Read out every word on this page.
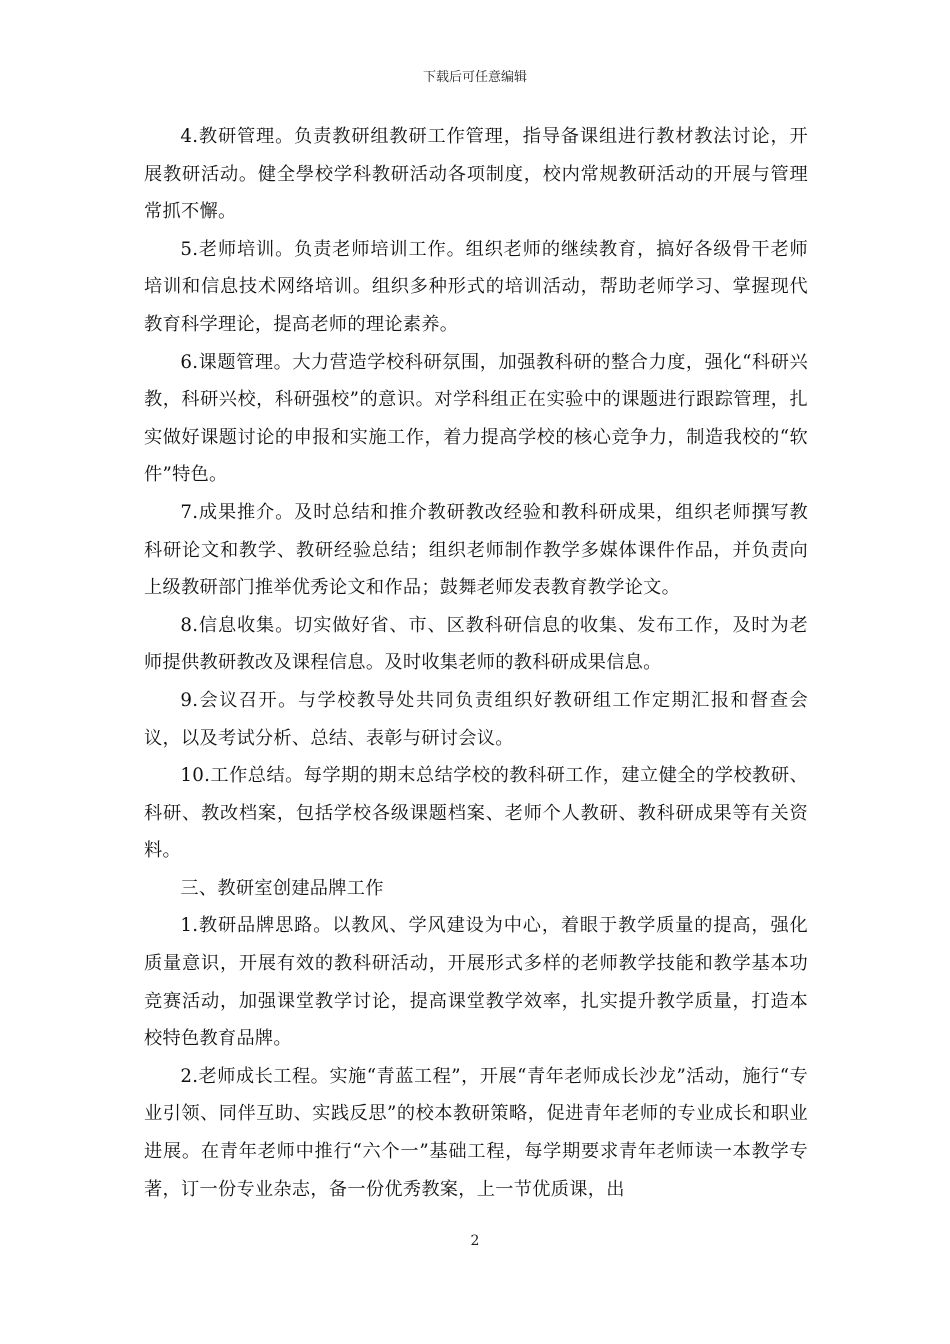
下载后可任意编辑

4.教研管理。负责教研组教研工作管理，指导备课组进行教材教法讨论，开展教研活动。健全學校学科教研活动各项制度，校内常规教研活动的开展与管理常抓不懈。

5.老师培训。负责老师培训工作。组织老师的继续教育，搞好各级骨干老师培训和信息技术网络培训。组织多种形式的培训活动，帮助老师学习、掌握现代教育科学理论，提高老师的理论素养。

6.课题管理。大力营造学校科研氛围，加强教科研的整合力度，强化“科研兴教，科研兴校，科研强校”的意识。对学科组正在实验中的课题进行跟踪管理，扎实做好课题讨论的申报和实施工作，着力提高学校的核心竞争力，制造我校的“软件”特色。

7.成果推介。及时总结和推介教研教改经验和教科研成果，组织老师撰写教科研论文和教学、教研经验总结；组织老师制作教学多媒体课件作品，并负责向上级教研部门推举优秀论文和作品；鼓舞老师发表教育教学论文。

8.信息收集。切实做好省、市、区教科研信息的收集、发布工作，及时为老师提供教研教改及课程信息。及时收集老师的教科研成果信息。

9.会议召开。与学校教导处共同负责组织好教研组工作定期汇报和督查会议，以及考试分析、总结、表彰与研讨会议。

10.工作总结。每学期的期末总结学校的教科研工作，建立健全的学校教研、科研、教改档案，包括学校各级课题档案、老师个人教研、教科研成果等有关资料。

三、教研室创建品牌工作

1.教研品牌思路。以教风、学风建设为中心，着眼于教学质量的提高，强化质量意识，开展有效的教科研活动，开展形式多样的老师教学技能和教学基本功竞赛活动，加强课堂教学讨论，提高课堂教学效率，扎实提升教学质量，打造本校特色教育品牌。

2.老师成长工程。实施“青蓝工程”，开展“青年老师成长沙龙”活动，施行“专业引领、同伴互助、实践反思”的校本教研策略，促进青年老师的专业成长和职业进展。在青年老师中推行“六个一”基础工程，每学期要求青年老师读一本教学专著，订一份专业杂志，备一份优秀教案，上一节优质课，出

2
